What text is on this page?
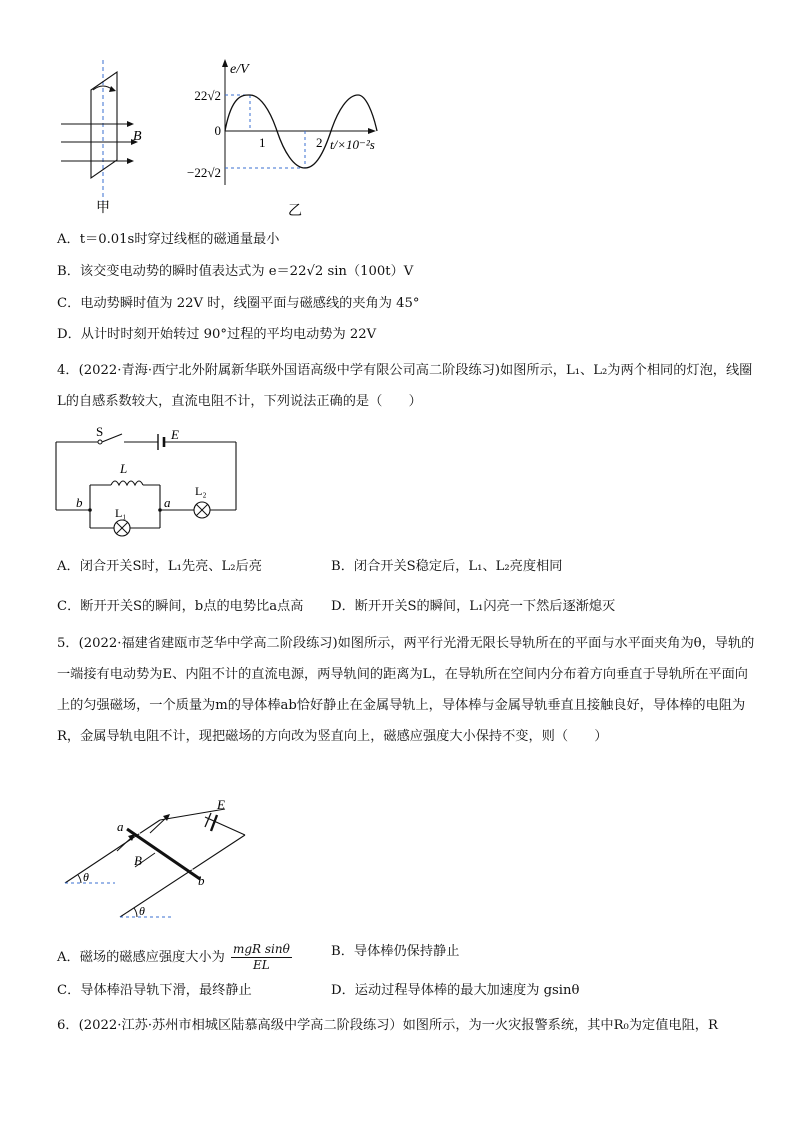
B
甲
e/V
22√2
0
−22√2
1	2 t/×10⁻²s
乙
A．t＝0.01s时穿过线框的磁通量最小
B．该交变电动势的瞬时值表达式为 e＝22√2 sin（100t）V
C．电动势瞬时值为 22V 时，线圈平面与磁感线的夹角为 45°
D．从计时时刻开始转过 90°过程的平均电动势为 22V
4．(2022·青海·西宁北外附属新华联外国语高级中学有限公司高二阶段练习)如图所示，L₁、L₂为两个相同的灯泡，线圈L的自感系数较大，直流电阻不计，下列说法正确的是（　　）
S	E
L
b	a
L₁
L₂
A．闭合开关S时，L₁先亮、L₂后亮	B．闭合开关S稳定后，L₁、L₂亮度相同
C．断开开关S的瞬间，b点的电势比a点高 D．断开开关S的瞬间，L₁闪亮一下然后逐渐熄灭
5．(2022·福建省建瓯市芝华中学高二阶段练习)如图所示，两平行光滑无限长导轨所在的平面与水平面夹角为θ，导轨的一端接有电动势为E、内阻不计的直流电源，两导轨间的距离为L，在导轨所在空间内分布着方向垂直于导轨所在平面向上的匀强磁场，一个质量为m的导体棒ab恰好静止在金属导轨上，导体棒与金属导轨垂直且接触良好，导体棒的电阻为R，金属导轨电阻不计，现把磁场的方向改为竖直向上，磁感应强度大小保持不变，则（　　）
E
a
b
B
θ
θ
A．磁场的磁感应强度大小为
mgR sinθ
EL
B．导体棒仍保持静止
C．导体棒沿导轨下滑，最终静止	D．运动过程导体棒的最大加速度为 gsinθ
6．(2022·江苏·苏州市相城区陆慕高级中学高二阶段练习）如图所示，为一火灾报警系统，其中R₀为定值电阻，R
